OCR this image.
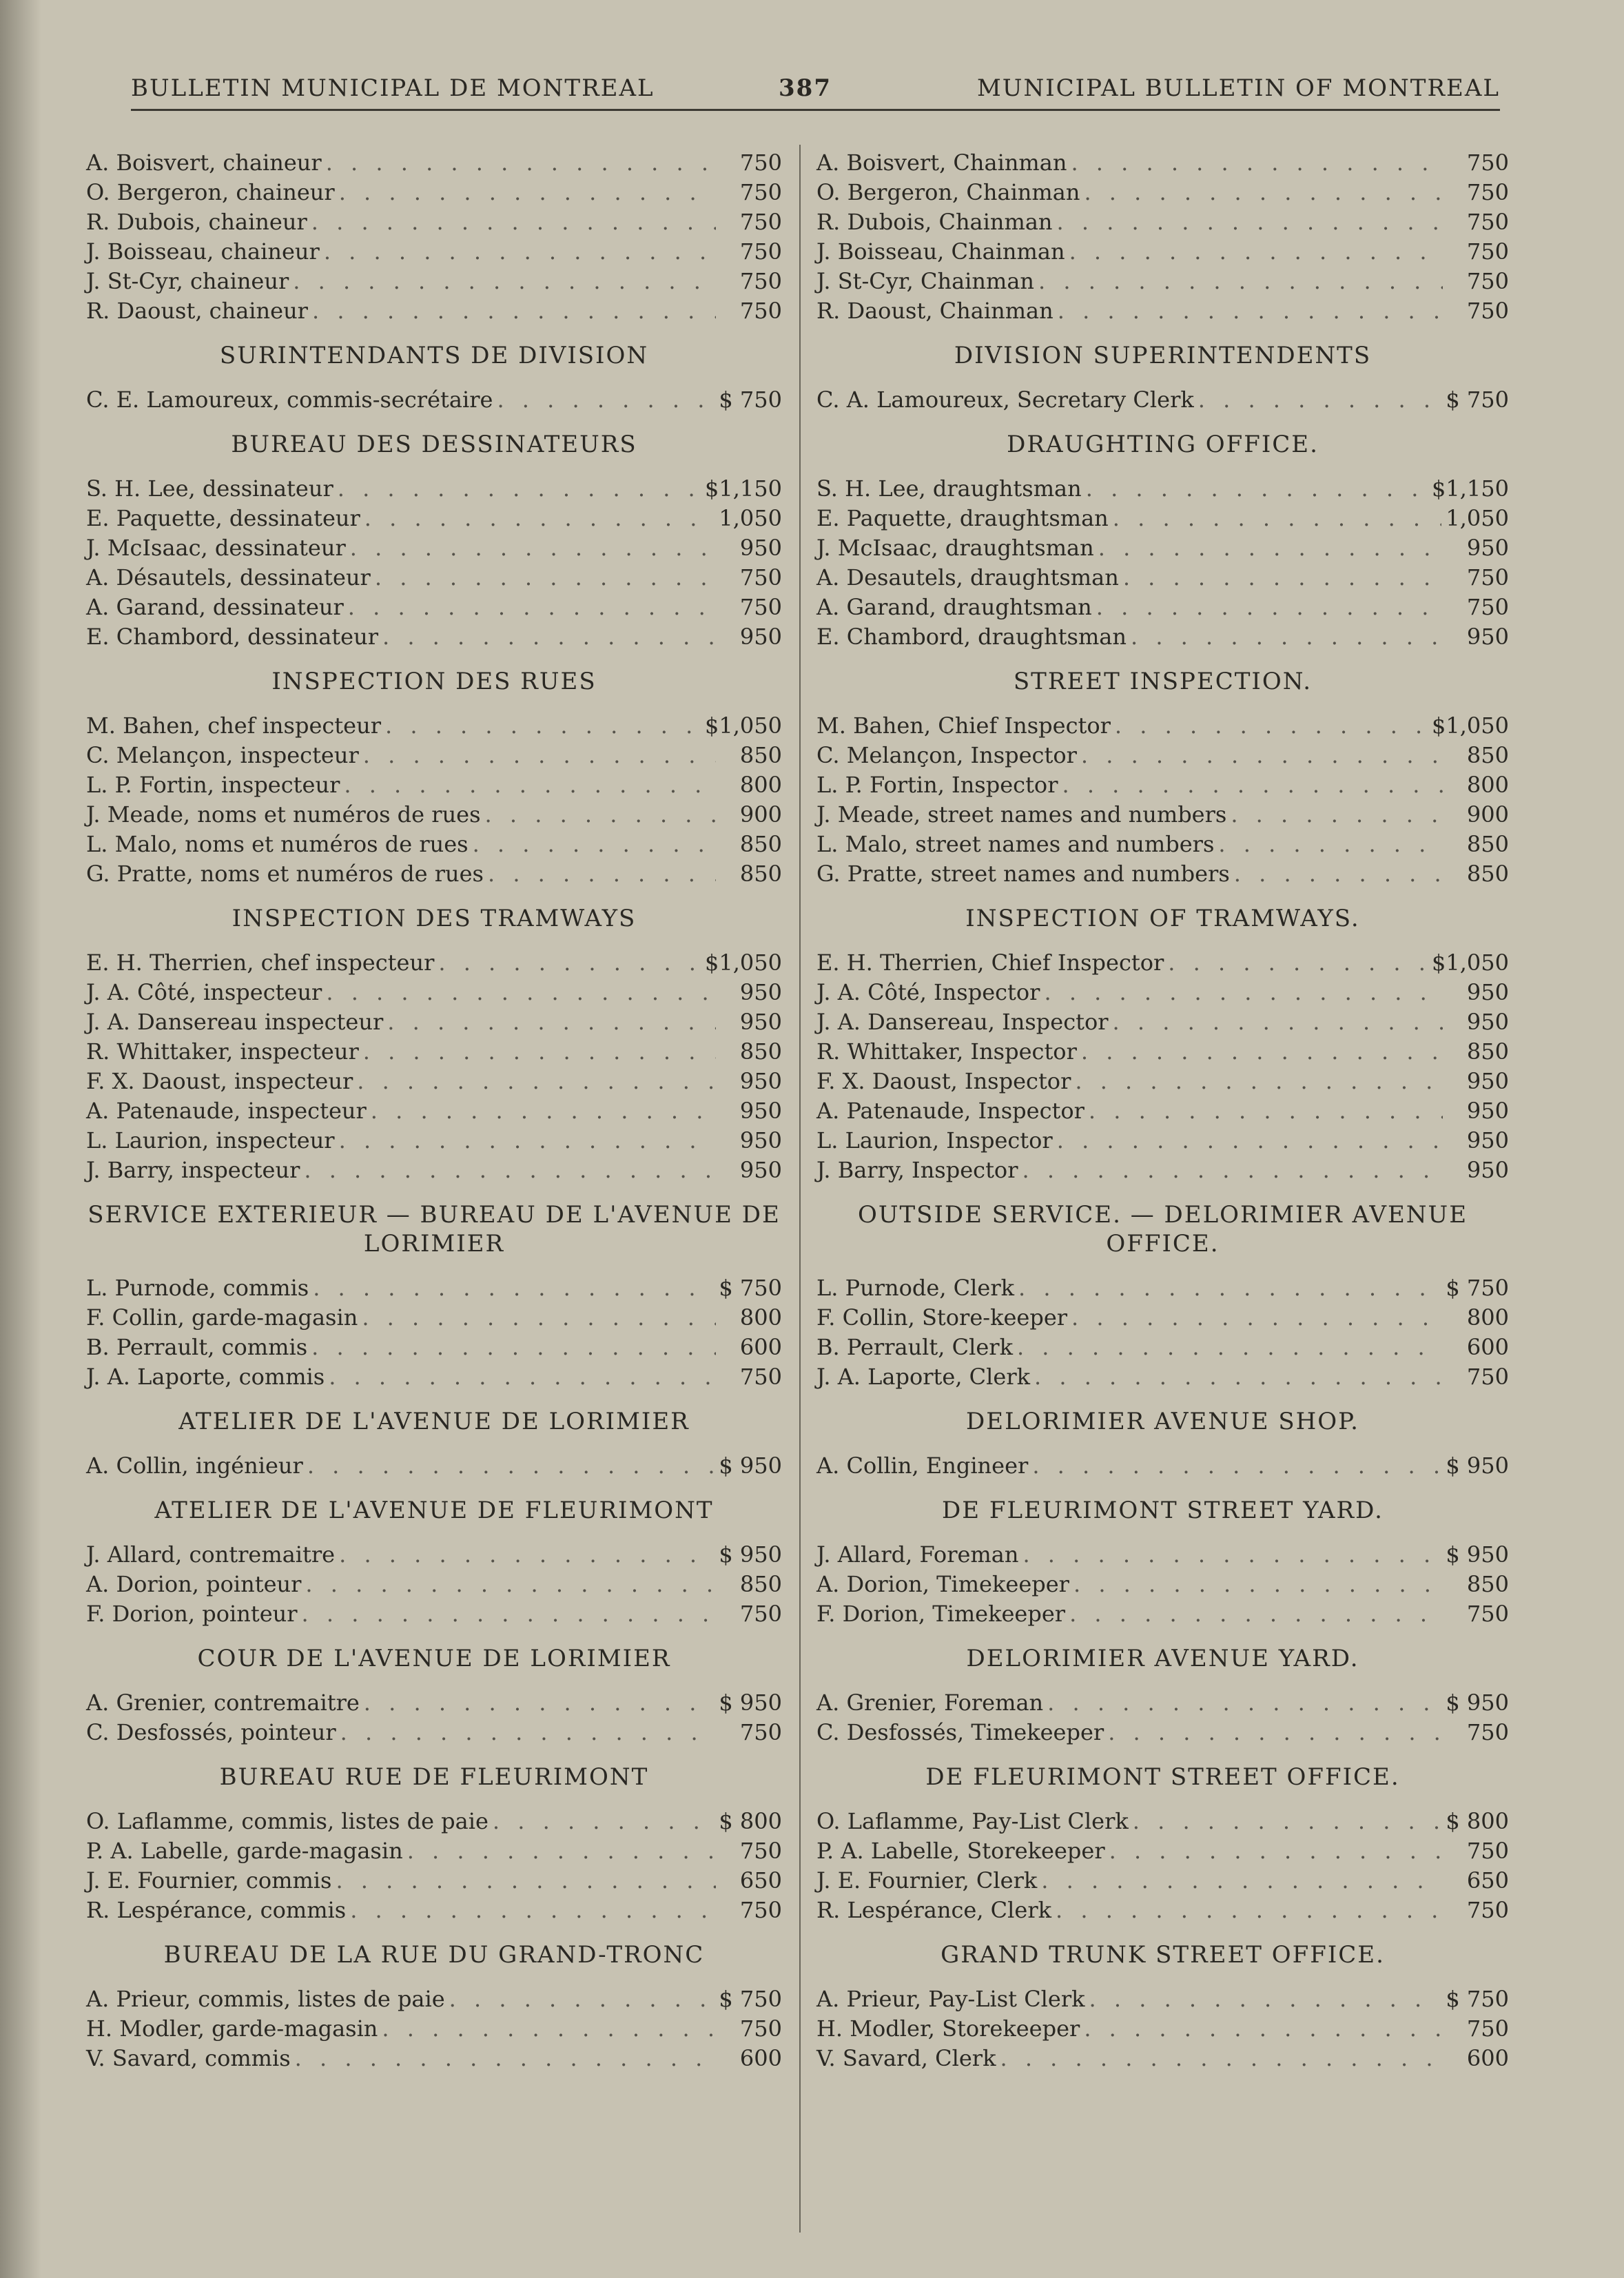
BULLETIN MUNICIPAL DE MONTREAL	387	MUNICIPAL BULLETIN OF MONTREAL
A. Boisvert, chaineur . . .	750
O. Bergeron, chaineur . . .	750
R. Dubois, chaineur . . .	750
J. Boisseau, chaineur . . .	750
J. St-Cyr, chaineur . . .	750
R. Daoust, chaineur . . .	750
SURINTENDANTS DE DIVISION
C. E. Lamoureux, commis-secrétaire . . .	$ 750
BUREAU DES DESSINATEURS
S. H. Lee, dessinateur . . .	$1,150
E. Paquette, dessinateur . . .	1,050
J. McIsaac, dessinateur . . .	950
A. Désautels, dessinateur . . .	750
A. Garand, dessinateur . . .	750
E. Chambord, dessinateur . . .	950
INSPECTION DES RUES
M. Bahen, chef inspecteur . . .	$1,050
C. Melançon, inspecteur . . .	850
L. P. Fortin, inspecteur . . .	800
J. Meade, noms et numéros de rues . . .	900
L. Malo, noms et numéros de rues . . .	850
G. Pratte, noms et numéros de rues . . .	850
INSPECTION DES TRAMWAYS
E. H. Therrien, chef inspecteur . . .	$1,050
J. A. Côté, inspecteur . . .	950
J. A. Dansereau inspecteur . . .	950
R. Whittaker, inspecteur . . .	850
F. X. Daoust, inspecteur . . .	950
A. Patenaude, inspecteur . . .	950
L. Laurion, inspecteur . . .	950
J. Barry, inspecteur . . .	950
SERVICE EXTERIEUR — BUREAU DE L'AVENUE DE LORIMIER
L. Purnode, commis . . .	$ 750
F. Collin, garde-magasin . . .	800
B. Perrault, commis . . .	600
J. A. Laporte, commis . . .	750
ATELIER DE L'AVENUE DE LORIMIER
A. Collin, ingénieur . . .	$ 950
ATELIER DE L'AVENUE DE FLEURIMONT
J. Allard, contremaitre . . .	$ 950
A. Dorion, pointeur . . .	850
F. Dorion, pointeur . . .	750
COUR DE L'AVENUE DE LORIMIER
A. Grenier, contremaitre . . .	$ 950
C. Desfossés, pointeur . . .	750
BUREAU RUE DE FLEURIMONT
O. Laflamme, commis, listes de paie . . .	$ 800
P. A. Labelle, garde-magasin . . .	750
J. E. Fournier, commis . . .	650
R. Lespérance, commis . . .	750
BUREAU DE LA RUE DU GRAND-TRONC
A. Prieur, commis, listes de paie . . .	$ 750
H. Modler, garde-magasin . . .	750
V. Savard, commis . . .	600
A. Boisvert, Chainman . . .	750
O. Bergeron, Chainman . . .	750
R. Dubois, Chainman . . .	750
J. Boisseau, Chainman . . .	750
J. St-Cyr, Chainman . . .	750
R. Daoust, Chainman . . .	750
DIVISION SUPERINTENDENTS
C. A. Lamoureux, Secretary Clerk . . .	$ 750
DRAUGHTING OFFICE.
S. H. Lee, draughtsman . . .	$1,150
E. Paquette, draughtsman . . .	1,050
J. McIsaac, draughtsman . . .	950
A. Desautels, draughtsman . . .	750
A. Garand, draughtsman . . .	750
E. Chambord, draughtsman . . .	950
STREET INSPECTION.
M. Bahen, Chief Inspector . . .	$1,050
C. Melançon, Inspector . . .	850
L. P. Fortin, Inspector . . .	800
J. Meade, street names and numbers . . .	900
L. Malo, street names and numbers . . .	850
G. Pratte, street names and numbers . . .	850
INSPECTION OF TRAMWAYS.
E. H. Therrien, Chief Inspector . . .	$1,050
J. A. Côté, Inspector . . .	950
J. A. Dansereau, Inspector . . .	950
R. Whittaker, Inspector . . .	850
F. X. Daoust, Inspector . . .	950
A. Patenaude, Inspector . . .	950
L. Laurion, Inspector . . .	950
J. Barry, Inspector . . .	950
OUTSIDE SERVICE. — DELORIMIER AVENUE OFFICE.
L. Purnode, Clerk . . .	$ 750
F. Collin, Store-keeper . . .	800
B. Perrault, Clerk . . .	600
J. A. Laporte, Clerk . . .	750
DELORIMIER AVENUE SHOP.
A. Collin, Engineer . . .	$ 950
DE FLEURIMONT STREET YARD.
J. Allard, Foreman . . .	$ 950
A. Dorion, Timekeeper . . .	850
F. Dorion, Timekeeper . . .	750
DELORIMIER AVENUE YARD.
A. Grenier, Foreman . . .	$ 950
C. Desfossés, Timekeeper . . .	750
DE FLEURIMONT STREET OFFICE.
O. Laflamme, Pay-List Clerk . . .	$ 800
P. A. Labelle, Storekeeper . . .	750
J. E. Fournier, Clerk . . .	650
R. Lespérance, Clerk . . .	750
GRAND TRUNK STREET OFFICE.
A. Prieur, Pay-List Clerk . . .	$ 750
H. Modler, Storekeeper . . .	750
V. Savard, Clerk . . .	600
